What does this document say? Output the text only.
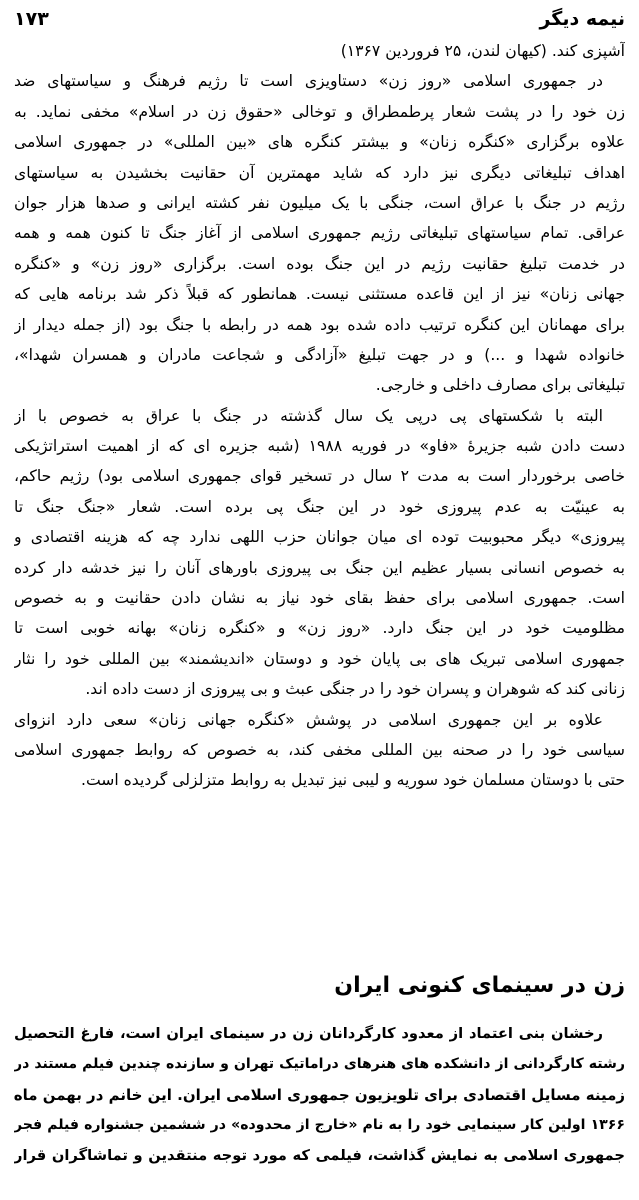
نیمه دیگر
۱۷۳
آشپزی کند. (کیهان لندن، ۲۵ فروردین ۱۳۶۷)
در جمهوری اسلامی «روز زن» دستاویزی است تا رژیم فرهنگ و سیاستهای ضد
زن خود را در پشت شعار پرطمطراق و توخالی «حقوق زن در اسلام» مخفی نماید. به
علاوه برگزاری «کنگره زنان» و بیشتر کنگره های «بین المللی» در جمهوری اسلامی
اهداف تبلیغاتی دیگری نیز دارد که شاید مهمترین آن حقانیت بخشیدن به سیاستهای
رژیم در جنگ با عراق است، جنگی با یک میلیون نفر کشته ایرانی و صدها هزار جوان
عراقی. تمام سیاستهای تبلیغاتی رژیم جمهوری اسلامی از آغاز جنگ تا کنون همه و همه
در خدمت تبلیغ حقانیت رژیم در این جنگ بوده است. برگزاری «روز زن» و «کنگره
جهانی زنان» نیز از این قاعده مستثنی نیست. همانطور که قبلاً ذکر شد برنامه هایی که
برای مهمانان این کنگره ترتیب داده شده بود همه در رابطه با جنگ بود (از جمله دیدار از
خانواده شهدا و ...) و در جهت تبلیغ «آزادگی و شجاعت مادران و همسران شهدا»،
تبلیغاتی برای مصارف داخلی و خارجی.
البته با شکستهای پی درپی یک سال گذشته در جنگ با عراق به خصوص با از
دست دادن شبه جزیرهٔ «فاو» در فوریه ۱۹۸۸ (شبه جزیره ای که از اهمیت استراتژیکی
خاصی برخوردار است به مدت ۲ سال در تسخیر قوای جمهوری اسلامی بود) رژیم حاکم،
به عینیّت به عدم پیروزی خود در این جنگ پی برده است. شعار «جنگ جنگ تا
پیروزی» دیگر محبوبیت توده ای میان جوانان حزب اللهی ندارد چه که هزینه اقتصادی و
به خصوص انسانی بسیار عظیم این جنگ بی پیروزی باورهای آنان را نیز خدشه دار کرده
است. جمهوری اسلامی برای حفظ بقای خود نیاز به نشان دادن حقانیت و به خصوص
مظلومیت خود در این جنگ دارد. «روز زن» و «کنگره زنان» بهانه خوبی است تا
جمهوری اسلامی تبریک های بی پایان خود و دوستان «اندیشمند» بین المللی خود را نثار
زنانی کند که شوهران و پسران خود را در جنگی عبث و بی پیروزی از دست داده اند.
علاوه بر این جمهوری اسلامی در پوشش «کنگره جهانی زنان» سعی دارد انزوای
سیاسی خود را در صحنه بین المللی مخفی کند، به خصوص که روابط جمهوری اسلامی
حتی با دوستان مسلمان خود سوریه و لیبی نیز تبدیل به روابط متزلزلی گردیده است.
زن در سینمای کنونی ایران
رخشان بنی اعتماد از معدود کارگردانان زن در سینمای ایران است، فارغ التحصیل
رشته کارگردانی از دانشکده های هنرهای دراماتیک تهران و سازنده چندین فیلم مستند در
زمینه مسایل اقتصادی برای تلویزیون جمهوری اسلامی ایران. این خانم در بهمن ماه
۱۳۶۶ اولین کار سینمایی خود را به نام «خارج از محدوده» در ششمین جشنواره فیلم فجر
جمهوری اسلامی به نمایش گذاشت، فیلمی که مورد توجه منتقدین و تماشاگران قرار
